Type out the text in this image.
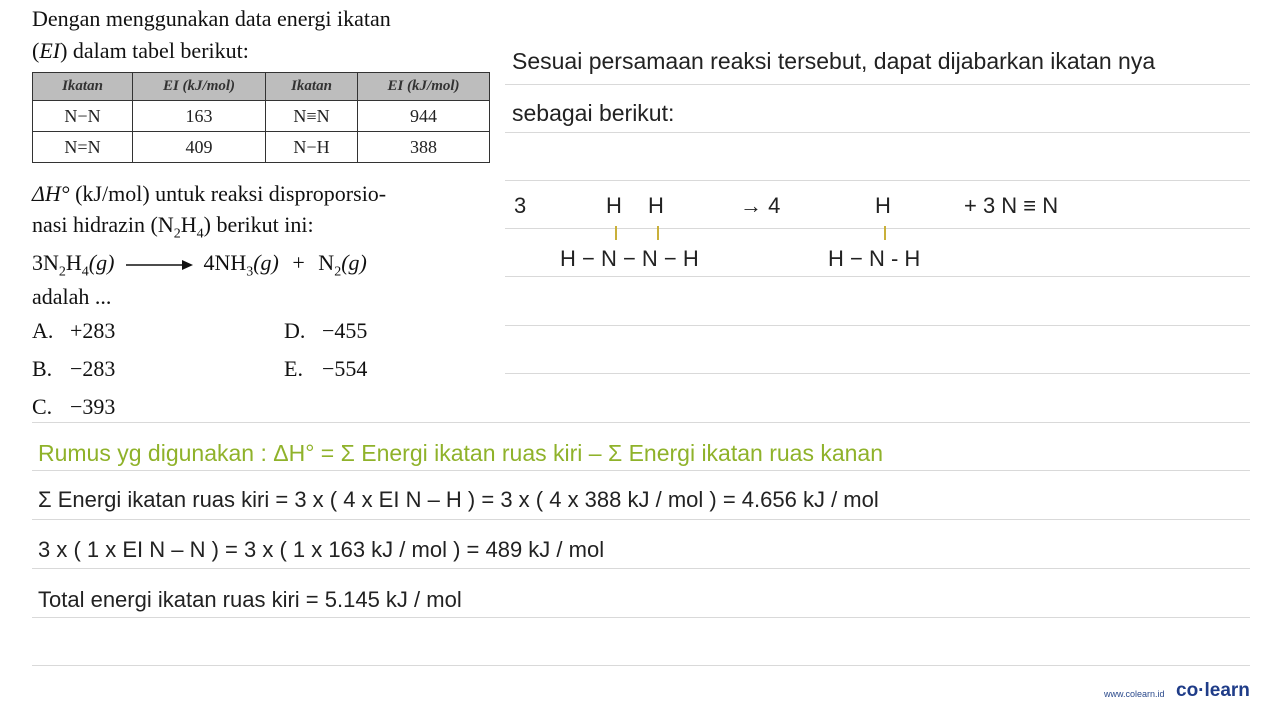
Dengan menggunakan data energi ikatan
(EI) dalam tabel berikut:
Ikatan	EI (kJ/mol)	Ikatan	EI (kJ/mol)
N−N	163	N≡N	944
N=N	409	N−H	388
ΔH° (kJ/mol) untuk reaksi disproporsio-
nasi hidrazin $(N_2H_4)$ berikut ini:
$3N_2H_4(g) \to 4NH_3(g) + N_2(g)$
adalah ...
A. +283
B. −283
C. −393
D. −455
E. −554
Sesuai persamaan reaksi tersebut, dapat dijabarkan ikatan nya
sebagai berikut:
3	H H	→ 4	H	+ 3 N ≡ N
H − N − N − H	H − N - H
Rumus yg digunakan : ΔH° = Σ Energi ikatan ruas kiri – Σ Energi ikatan ruas kanan
Σ Energi ikatan ruas kiri = 3 x ( 4 x EI N – H ) = 3 x ( 4 x 388 kJ / mol ) = 4.656 kJ / mol
3 x ( 1 x EI N – N ) = 3 x ( 1 x 163 kJ / mol ) = 489 kJ / mol
Total energi ikatan ruas kiri = 5.145 kJ / mol
www.colearn.id co·learn
